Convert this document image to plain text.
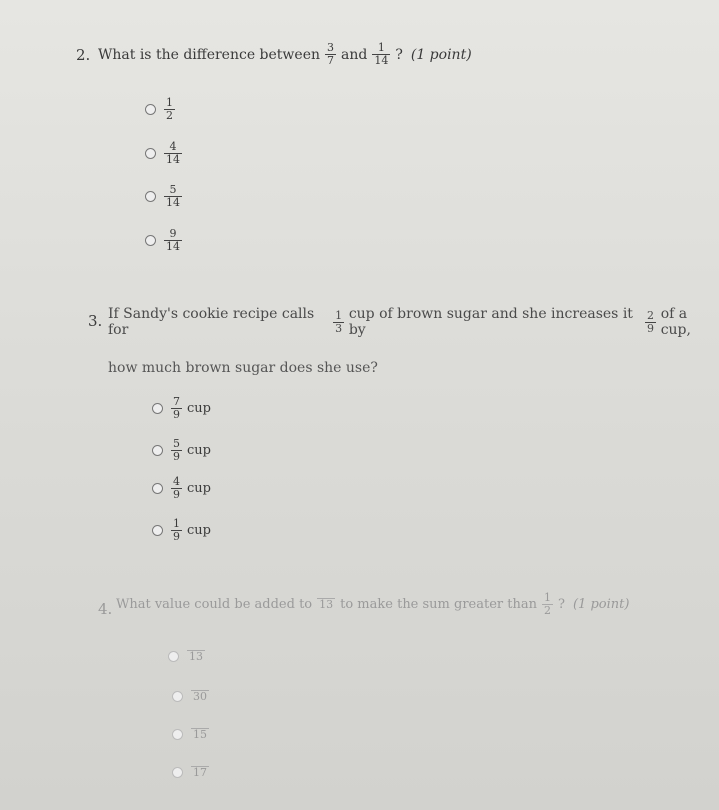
2. What is the difference between $\frac{3}{7}$ and $\frac{1}{14}$ ? (1 point)
$\frac{1}{2}$
$\frac{4}{14}$
$\frac{5}{14}$
$\frac{9}{14}$
3. If Sandy's cookie recipe calls for	$\frac{1}{3}$ cup of brown sugar and she increases it by	$\frac{2}{9}$ of a cup,
how much brown sugar does she use?
$\frac{7}{9}$ cup
$\frac{5}{9}$ cup
$\frac{4}{9}$ cup
$\frac{1}{9}$ cup
4. What value could be added to 13 to make the sum greater than $\frac{1}{2}$ ? (1 point)
13
30
15
17
